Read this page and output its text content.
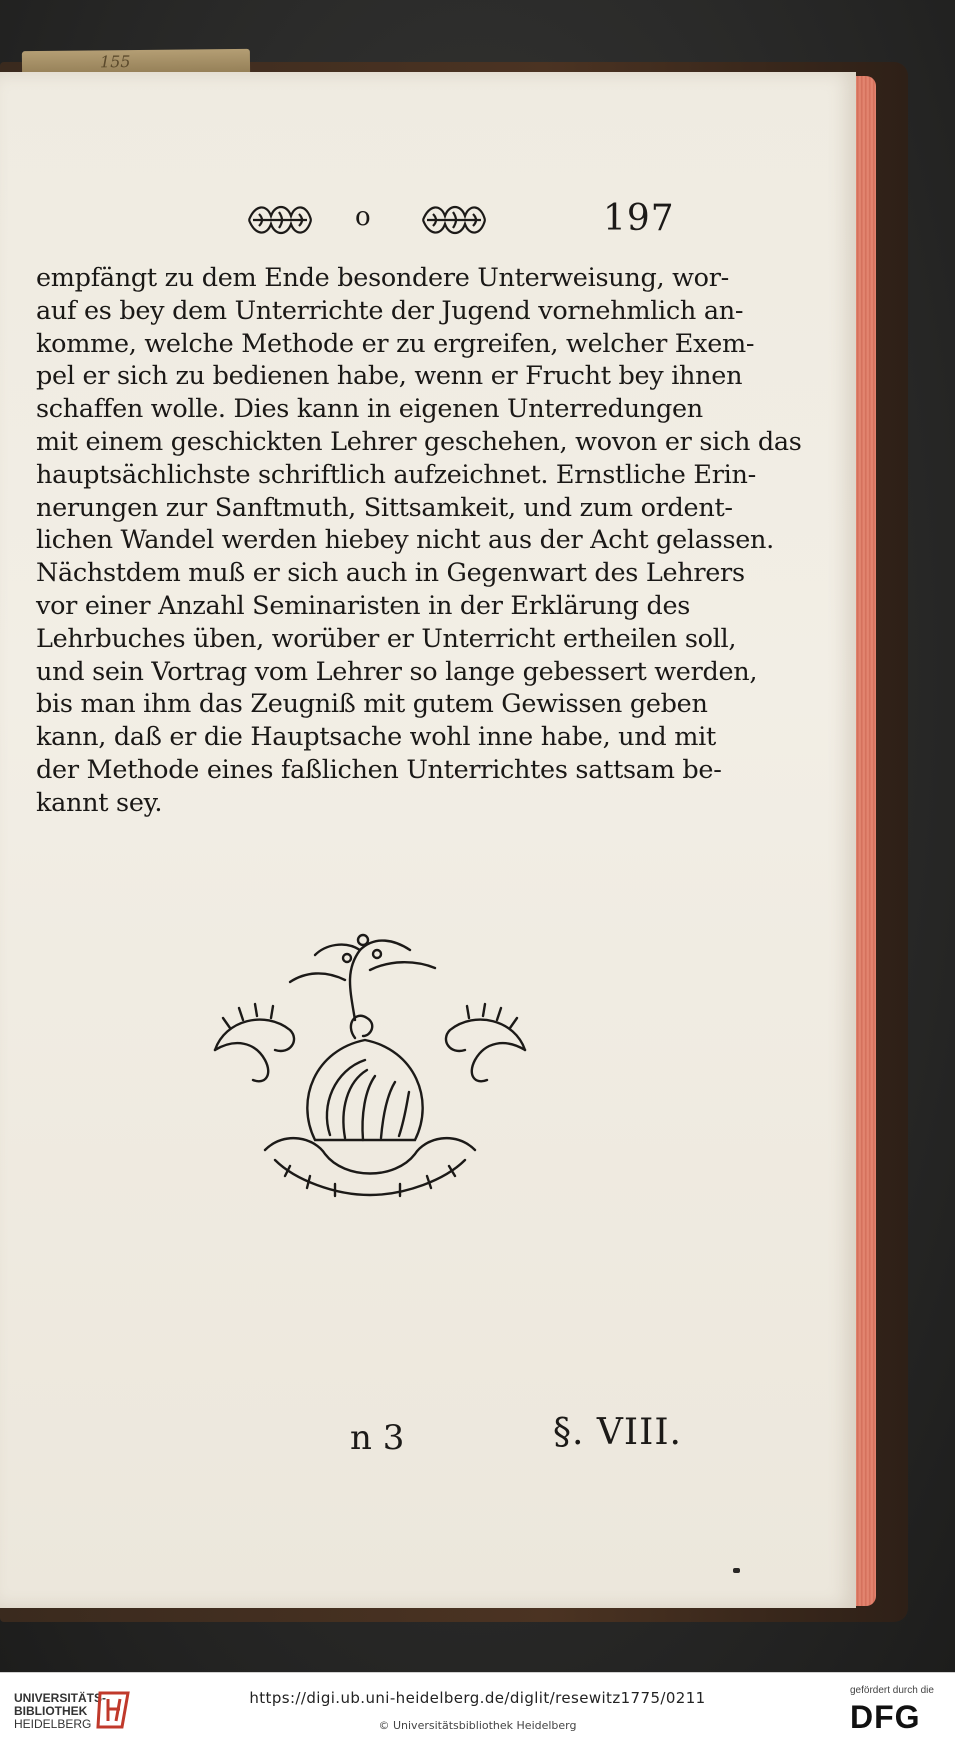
155
o	197
empfängt zu dem Ende besondere Unterweisung, wor-
auf es bey dem Unterrichte der Jugend vornehmlich an-
komme, welche Methode er zu ergreifen, welcher Exem-
pel er sich zu bedienen habe, wenn er Frucht bey ihnen
schaffen wolle. Dies kann in eigenen Unterredungen
mit einem geschickten Lehrer geschehen, wovon er sich das
hauptsächlichste schriftlich aufzeichnet. Ernstliche Erin-
nerungen zur Sanftmuth, Sittsamkeit, und zum ordent-
lichen Wandel werden hiebey nicht aus der Acht gelassen.
Nächstdem muß er sich auch in Gegenwart des Lehrers
vor einer Anzahl Seminaristen in der Erklärung des
Lehrbuches üben, worüber er Unterricht ertheilen soll,
und sein Vortrag vom Lehrer so lange gebessert werden,
bis man ihm das Zeugniß mit gutem Gewissen geben
kann, daß er die Hauptsache wohl inne habe, und mit
der Methode eines faßlichen Unterrichtes sattsam be-
kannt sey.
n 3	§. VIII.
UNIVERSITÄTS-
BIBLIOTHEK
HEIDELBERG
https://digi.ub.uni-heidelberg.de/diglit/resewitz1775/0211
© Universitätsbibliothek Heidelberg
gefördert durch die
DFG
